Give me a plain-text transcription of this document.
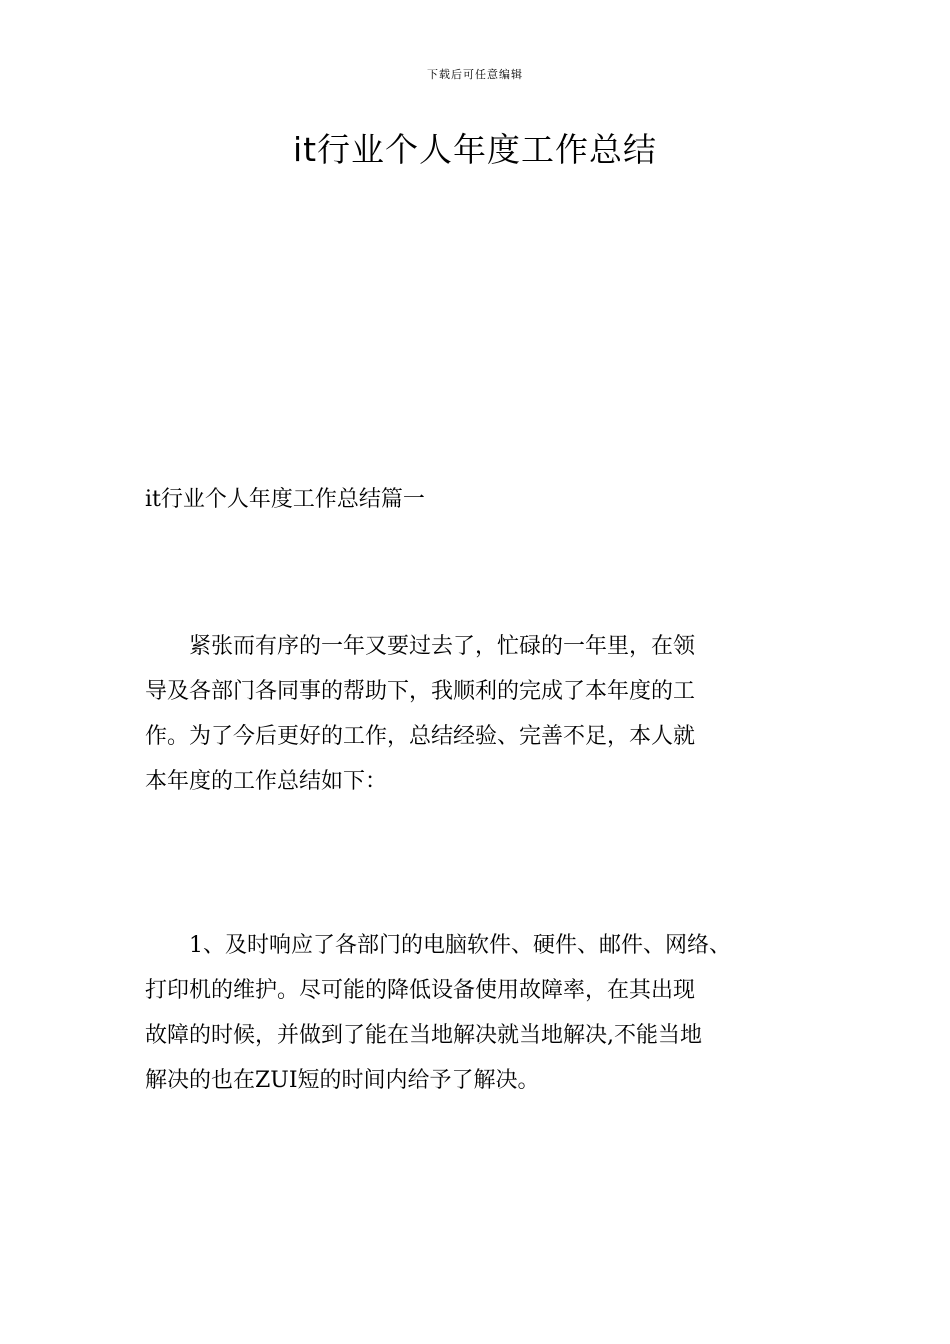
下载后可任意编辑
it行业个人年度工作总结
it行业个人年度工作总结篇一

紧张而有序的一年又要过去了，忙碌的一年里，在领
导及各部门各同事的帮助下，我顺利的完成了本年度的工
作。为了今后更好的工作，总结经验、完善不足，本人就
本年度的工作总结如下：

1、及时响应了各部门的电脑软件、硬件、邮件、网络、
打印机的维护。尽可能的降低设备使用故障率，在其出现
故障的时候，并做到了能在当地解决就当地解决,不能当地
解决的也在ZUI短的时间内给予了解决。
